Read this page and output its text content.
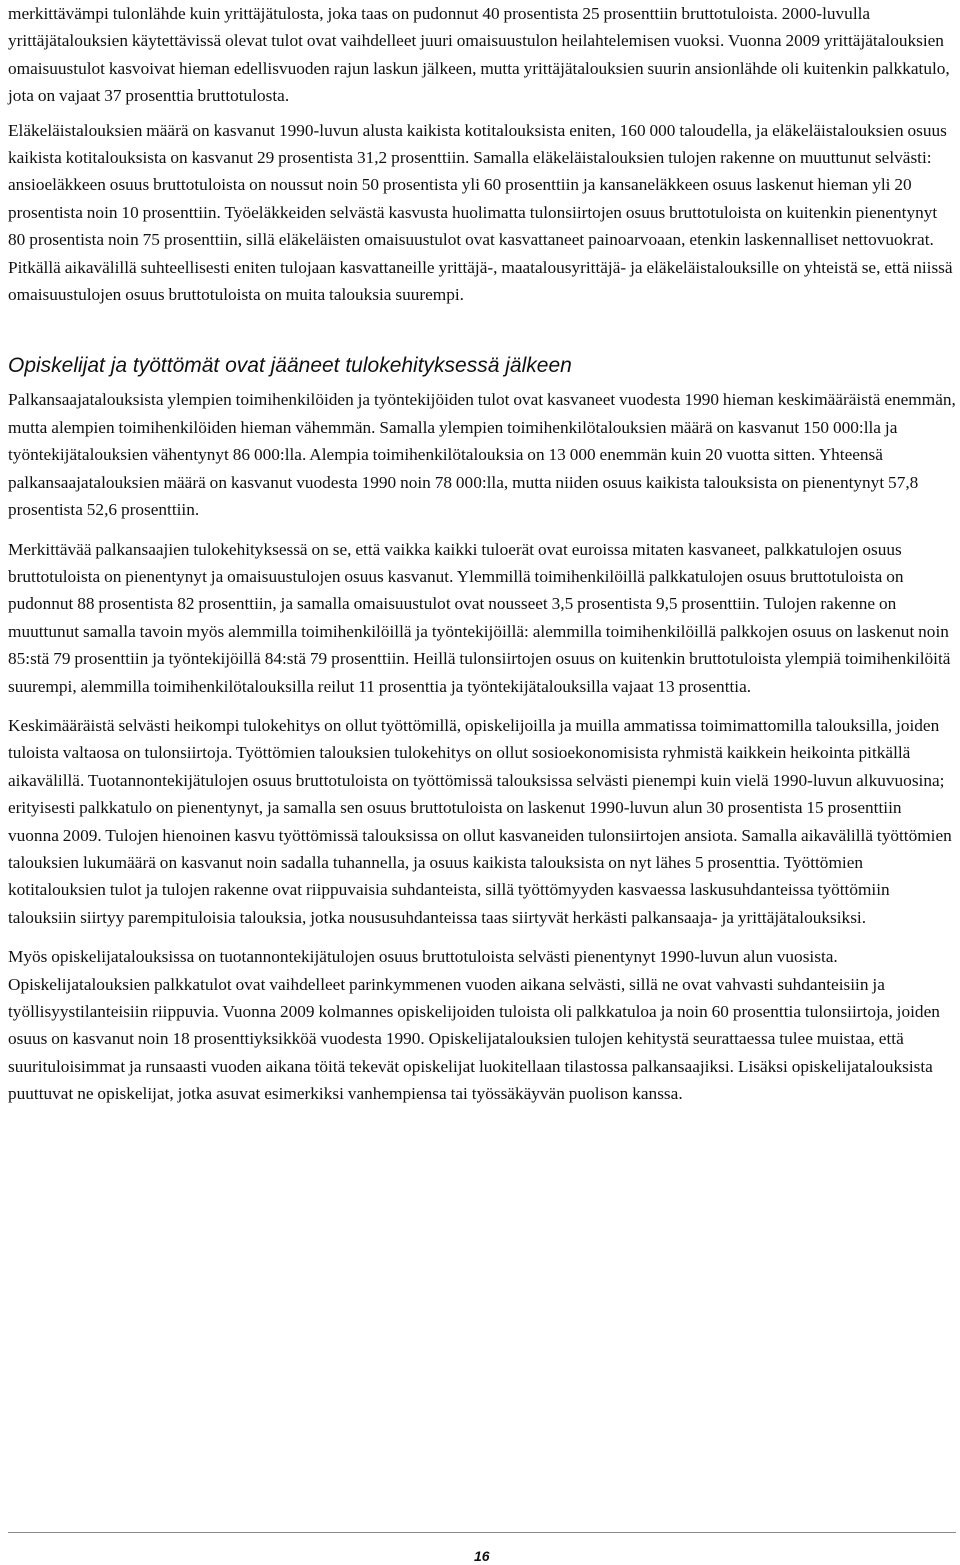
merkittävämpi tulonlähde kuin yrittäjätulosta, joka taas on pudonnut 40 prosentista 25 prosenttiin bruttotuloista. 2000-luvulla yrittäjätalouksien käytettävissä olevat tulot ovat vaihdelleet juuri omaisuustulon heilahtelemisen vuoksi. Vuonna 2009 yrittäjätalouksien omaisuustulot kasvoivat hieman edellisvuoden rajun laskun jälkeen, mutta yrittäjätalouksien suurin ansionlähde oli kuitenkin palkkatulo, jota on vajaat 37 prosenttia bruttotulosta.

Eläkeläistalouksien määrä on kasvanut 1990-luvun alusta kaikista kotitalouksista eniten, 160 000 taloudella, ja eläkeläistalouksien osuus kaikista kotitalouksista on kasvanut 29 prosentista 31,2 prosenttiin. Samalla eläkeläistalouksien tulojen rakenne on muuttunut selvästi: ansioeläkkeen osuus bruttotuloista on noussut noin 50 prosentista yli 60 prosenttiin ja kansaneläkkeen osuus laskenut hieman yli 20 prosentista noin 10 prosenttiin. Työeläkkeiden selvästä kasvusta huolimatta tulonsiirtojen osuus bruttotuloista on kuitenkin pienentynyt 80 prosentista noin 75 prosenttiin, sillä eläkeläisten omaisuustulot ovat kasvattaneet painoarvoaan, etenkin laskennalliset nettovuokrat. Pitkällä aikavälillä suhteellisesti eniten tulojaan kasvattaneille yrittäjä-, maatalousyrittäjä- ja eläkeläistalouksille on yhteistä se, että niissä omaisuustulojen osuus bruttotuloista on muita talouksia suurempi.

Opiskelijat ja työttömät ovat jääneet tulokehityksessä jälkeen

Palkansaajatalouksista ylempien toimihenkilöiden ja työntekijöiden tulot ovat kasvaneet vuodesta 1990 hieman keskimääräistä enemmän, mutta alempien toimihenkilöiden hieman vähemmän. Samalla ylempien toimihenkilötalouksien määrä on kasvanut 150 000:lla ja työntekijätalouksien vähentynyt 86 000:lla. Alempia toimihenkilötalouksia on 13 000 enemmän kuin 20 vuotta sitten. Yhteensä palkansaajatalouksien määrä on kasvanut vuodesta 1990 noin 78 000:lla, mutta niiden osuus kaikista talouksista on pienentynyt 57,8 prosentista 52,6 prosenttiin.

Merkittävää palkansaajien tulokehityksessä on se, että vaikka kaikki tuloerät ovat euroissa mitaten kasvaneet, palkkatulojen osuus bruttotuloista on pienentynyt ja omaisuustulojen osuus kasvanut. Ylemmillä toimihenkilöillä palkkatulojen osuus bruttotuloista on pudonnut 88 prosentista 82 prosenttiin, ja samalla omaisuustulot ovat nousseet 3,5 prosentista 9,5 prosenttiin. Tulojen rakenne on muuttunut samalla tavoin myös alemmilla toimihenkilöillä ja työntekijöillä: alemmilla toimihenkilöillä palkkojen osuus on laskenut noin 85:stä 79 prosenttiin ja työntekijöillä 84:stä 79 prosenttiin. Heillä tulonsiirtojen osuus on kuitenkin bruttotuloista ylempiä toimihenkilöitä suurempi, alemmilla toimihenkilötalouksilla reilut 11 prosenttia ja työntekijätalouksilla vajaat 13 prosenttia.

Keskimääräistä selvästi heikompi tulokehitys on ollut työttömillä, opiskelijoilla ja muilla ammatissa toimimattomilla talouksilla, joiden tuloista valtaosa on tulonsiirtoja. Työttömien talouksien tulokehitys on ollut sosioekonomisista ryhmistä kaikkein heikointa pitkällä aikavälillä. Tuotannontekijätulojen osuus bruttotuloista on työttömissä talouksissa selvästi pienempi kuin vielä 1990-luvun alkuvuosina; erityisesti palkkatulo on pienentynyt, ja samalla sen osuus bruttotuloista on laskenut 1990-luvun alun 30 prosentista 15 prosenttiin vuonna 2009. Tulojen hienoinen kasvu työttömissä talouksissa on ollut kasvaneiden tulonsiirtojen ansiota. Samalla aikavälillä työttömien talouksien lukumäärä on kasvanut noin sadalla tuhannella, ja osuus kaikista talouksista on nyt lähes 5 prosenttia. Työttömien kotitalouksien tulot ja tulojen rakenne ovat riippuvaisia suhdanteista, sillä työttömyyden kasvaessa laskusuhdanteissa työttömiin talouksiin siirtyy parempituloisia talouksia, jotka noususuhdanteissa taas siirtyvät herkästi palkansaaja- ja yrittäjätalouksiksi.

Myös opiskelijatalouksissa on tuotannontekijätulojen osuus bruttotuloista selvästi pienentynyt 1990-luvun alun vuosista. Opiskelijatalouksien palkkatulot ovat vaihdelleet parinkymmenen vuoden aikana selvästi, sillä ne ovat vahvasti suhdanteisiin ja työllisyystilanteisiin riippuvia. Vuonna 2009 kolmannes opiskelijoiden tuloista oli palkkatuloa ja noin 60 prosenttia tulonsiirtoja, joiden osuus on kasvanut noin 18 prosenttiyksikköä vuodesta 1990. Opiskelijatalouksien tulojen kehitystä seurattaessa tulee muistaa, että suurituloisimmat ja runsaasti vuoden aikana töitä tekevät opiskelijat luokitellaan tilastossa palkansaajiksi. Lisäksi opiskelijatalouksista puuttuvat ne opiskelijat, jotka asuvat esimerkiksi vanhempiensa tai työssäkäyvän puolison kanssa.

16
